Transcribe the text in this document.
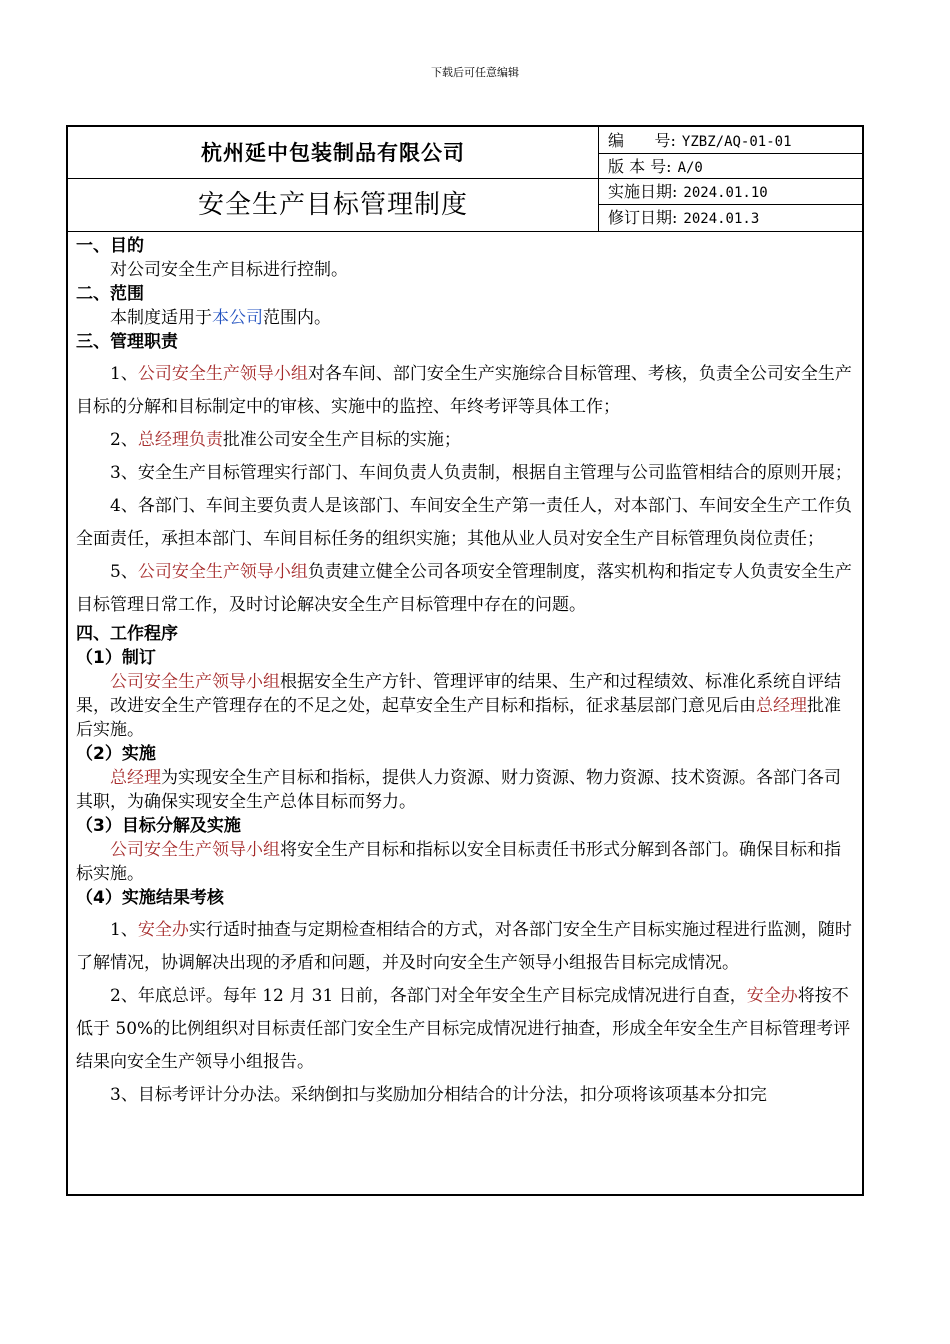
下载后可任意编辑
杭州延中包装制品有限公司
安全生产目标管理制度
编      号: YZBZ/AQ-01-01
版 本 号: A/0
实施日期: 2024.01.10
修订日期: 2024.01.3
一、目的
对公司安全生产目标进行控制。
二、范围
本制度适用于本公司范围内。
三、管理职责
1、公司安全生产领导小组对各车间、部门安全生产实施综合目标管理、考核，负责全公司安全生产目标的分解和目标制定中的审核、实施中的监控、年终考评等具体工作；
2、总经理负责批准公司安全生产目标的实施；
3、安全生产目标管理实行部门、车间负责人负责制，根据自主管理与公司监管相结合的原则开展；
4、各部门、车间主要负责人是该部门、车间安全生产第一责任人，对本部门、车间安全生产工作负全面责任，承担本部门、车间目标任务的组织实施；其他从业人员对安全生产目标管理负岗位责任；
5、公司安全生产领导小组负责建立健全公司各项安全管理制度，落实机构和指定专人负责安全生产目标管理日常工作，及时讨论解决安全生产目标管理中存在的问题。
四、工作程序
（1）制订
公司安全生产领导小组根据安全生产方针、管理评审的结果、生产和过程绩效、标准化系统自评结果，改进安全生产管理存在的不足之处，起草安全生产目标和指标，征求基层部门意见后由总经理批准后实施。
（2）实施
总经理为实现安全生产目标和指标，提供人力资源、财力资源、物力资源、技术资源。各部门各司其职，为确保实现安全生产总体目标而努力。
（3）目标分解及实施
公司安全生产领导小组将安全生产目标和指标以安全目标责任书形式分解到各部门。确保目标和指标实施。
（4）实施结果考核
1、安全办实行适时抽查与定期检查相结合的方式，对各部门安全生产目标实施过程进行监测，随时了解情况，协调解决出现的矛盾和问题，并及时向安全生产领导小组报告目标完成情况。
2、年底总评。每年 12 月 31 日前，各部门对全年安全生产目标完成情况进行自查，安全办将按不低于 50%的比例组织对目标责任部门安全生产目标完成情况进行抽查，形成全年安全生产目标管理考评结果向安全生产领导小组报告。
3、目标考评计分办法。采纳倒扣与奖励加分相结合的计分法，扣分项将该项基本分扣完
